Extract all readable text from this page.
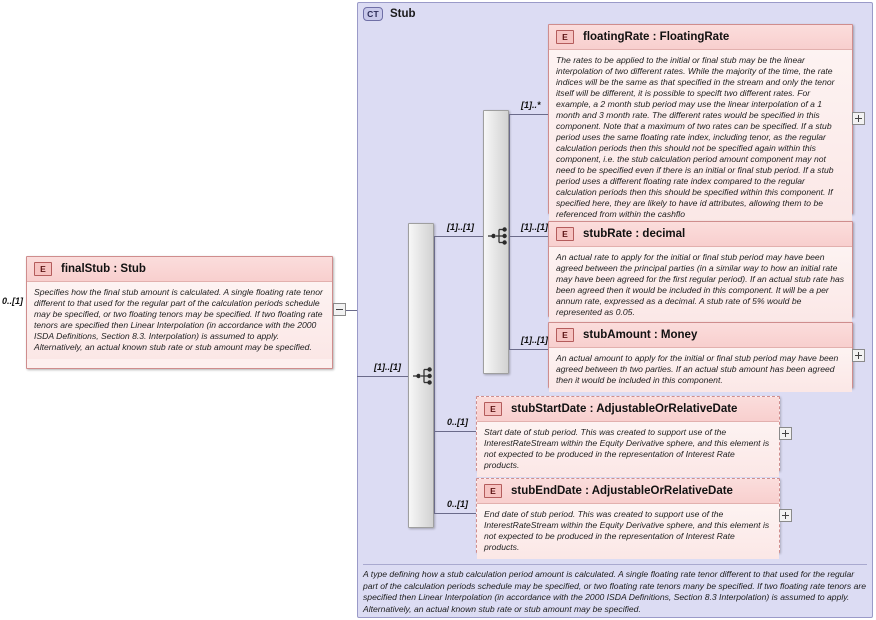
0..[1]
E	finalStub : Stub
Specifies how the final stub amount is calculated. A single floating rate tenor different to that used for the regular part of the calculation periods schedule may be specified, or two floating tenors may be specified. If two floating rate tenors are specified then Linear Interpolation (in accordance with the 2000 ISDA Definitions, Section 8.3. Interpolation) is assumed to apply. Alternatively, an actual known stub rate or stub amount may be specified.
CT Stub
[1]..[1]
[1]..[1]
[1]..*
E	floatingRate : FloatingRate
The rates to be applied to the initial or final stub may be the linear interpolation of two different rates. While the majority of the time, the rate indices will be the same as that specified in the stream and only the tenor itself will be different, it is possible to specift two different rates. For example, a 2 month stub period may use the linear interpolation of a 1 month and 3 month rate. The different rates would be specified in this component. Note that a maximum of two rates can be specified. If a stub period uses the same floating rate index, including tenor, as the regular calculation periods then this should not be specified again within this component, i.e. the stub calculation period amount component may not need to be specified even if there is an initial or final stub period. If a stub period uses a different floating rate index compared to the regular calculation periods then this should be specified within this component. If specified here, they are likely to have id attributes, allowing them to be referenced from within the cashflo
[1]..[1]
E	stubRate : decimal
An actual rate to apply for the initial or final stub period may have been agreed between the principal parties (in a similar way to how an initial rate may have been agreed for the first regular period). If an actual stub rate has been agreed then it would be included in this component. It will be a per annum rate, expressed as a decimal. A stub rate of 5% would be represented as 0.05.
[1]..[1]	E	stubAmount : Money
An actual amount to apply for the initial or final stub period may have been agreed between th two parties. If an actual stub amount has been agreed then it would be included in this component.
0..[1]
E	stubStartDate : AdjustableOrRelativeDate
Start date of stub period. This was created to support use of the InterestRateStream within the Equity Derivative sphere, and this element is not expected to be produced in the representation of Interest Rate products.
0..[1]
E	stubEndDate : AdjustableOrRelativeDate
End date of stub period. This was created to support use of the InterestRateStream within the Equity Derivative sphere, and this element is not expected to be produced in the representation of Interest Rate products.
A type defining how a stub calculation period amount is calculated. A single floating rate tenor different to that used for the regular part of the calculation periods schedule may be specified, or two floating rate tenors many be specified. If two floating rate tenors are specified then Linear Interpolation (in accordance with the 2000 ISDA Definitions, Section 8.3 Interpolation) is assumed to apply. Alternatively, an actual known stub rate or stub amount may be specified.
